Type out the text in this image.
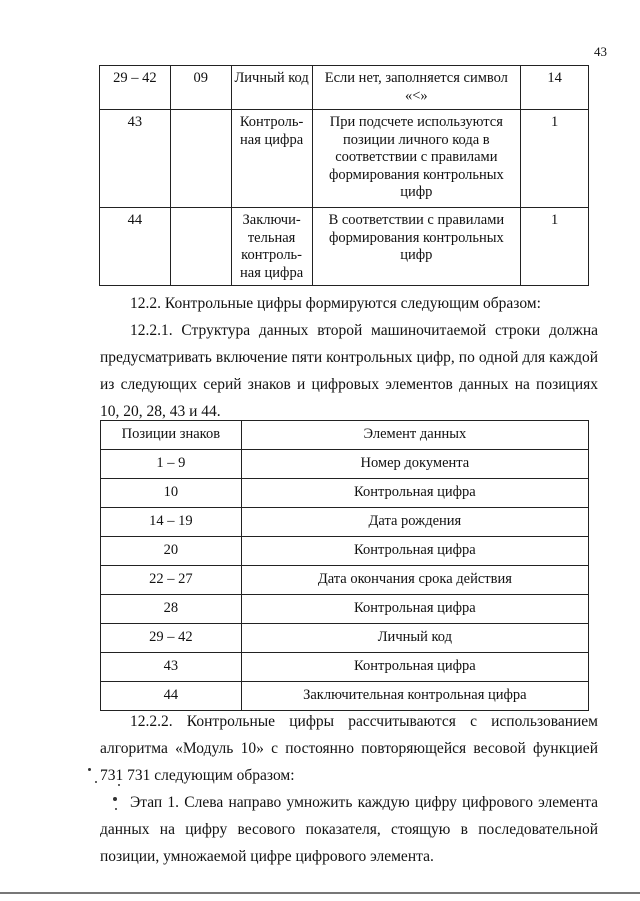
43
29 – 42	09	Личный код	Если нет, заполняется символ «<»	14
43		Контроль-ная цифра	При подсчете используются позиции личного кода в соответствии с правилами формирования контрольных цифр	1
44		Заключи-тельная контроль-ная цифра	В соответствии с правилами формирования контрольных цифр	1
12.2. Контрольные цифры формируются следующим образом:
12.2.1. Структура данных второй машиночитаемой строки должна предусматривать включение пяти контрольных цифр, по одной для каждой из следующих серий знаков и цифровых элементов данных на позициях 10, 20, 28, 43 и 44.
Позиции знаков	Элемент данных
1 – 9	Номер документа
10	Контрольная цифра
14 – 19	Дата рождения
20	Контрольная цифра
22 – 27	Дата окончания срока действия
28	Контрольная цифра
29 – 42	Личный код
43	Контрольная цифра
44	Заключительная контрольная цифра
12.2.2. Контрольные цифры рассчитываются с использованием алгоритма «Модуль 10» с постоянно повторяющейся весовой функцией 731 731 следующим образом:
Этап 1. Слева направо умножить каждую цифру цифрового элемента данных на цифру весового показателя, стоящую в последовательной позиции, умножаемой цифре цифрового элемента.
